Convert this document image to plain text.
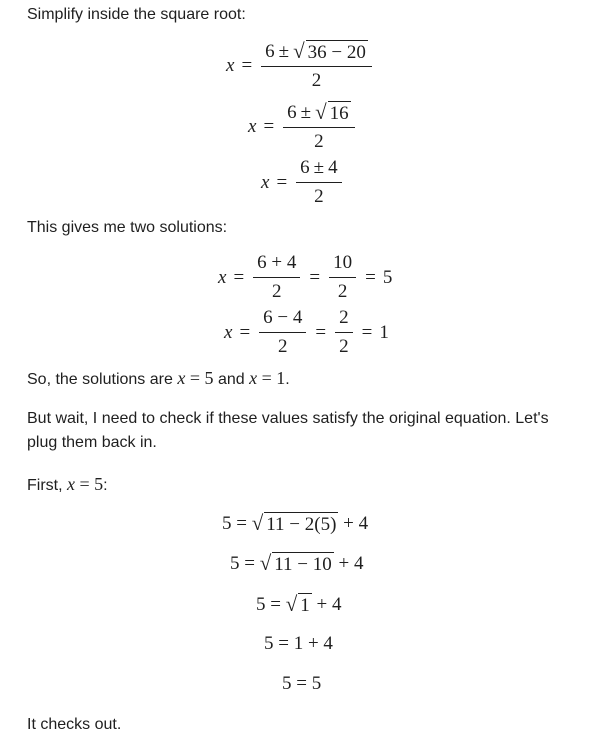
Simplify inside the square root:
$x = \frac{6 \pm √ 36 - 20}{2}$
$x = \frac{6 \pm √ 16}{2}$
$x = \frac{6 \pm 4}{2}$
This gives me two solutions:
$x = \frac{6 + 4}{2} = \frac{10}{2} = 5$
$x = \frac{6 - 4}{2} = \frac{2}{2} = 1$
So, the solutions are x = 5 and x = 1.
But wait, I need to check if these values satisfy the original equation. Let's
plug them back in.
First, x = 5:
5 =
√ 11 − 2(5)
+ 4
5 =
√ 11 − 10
+ 4
5 =
√ 1
+ 4
5 = 1 + 4
5 = 5
It checks out.
